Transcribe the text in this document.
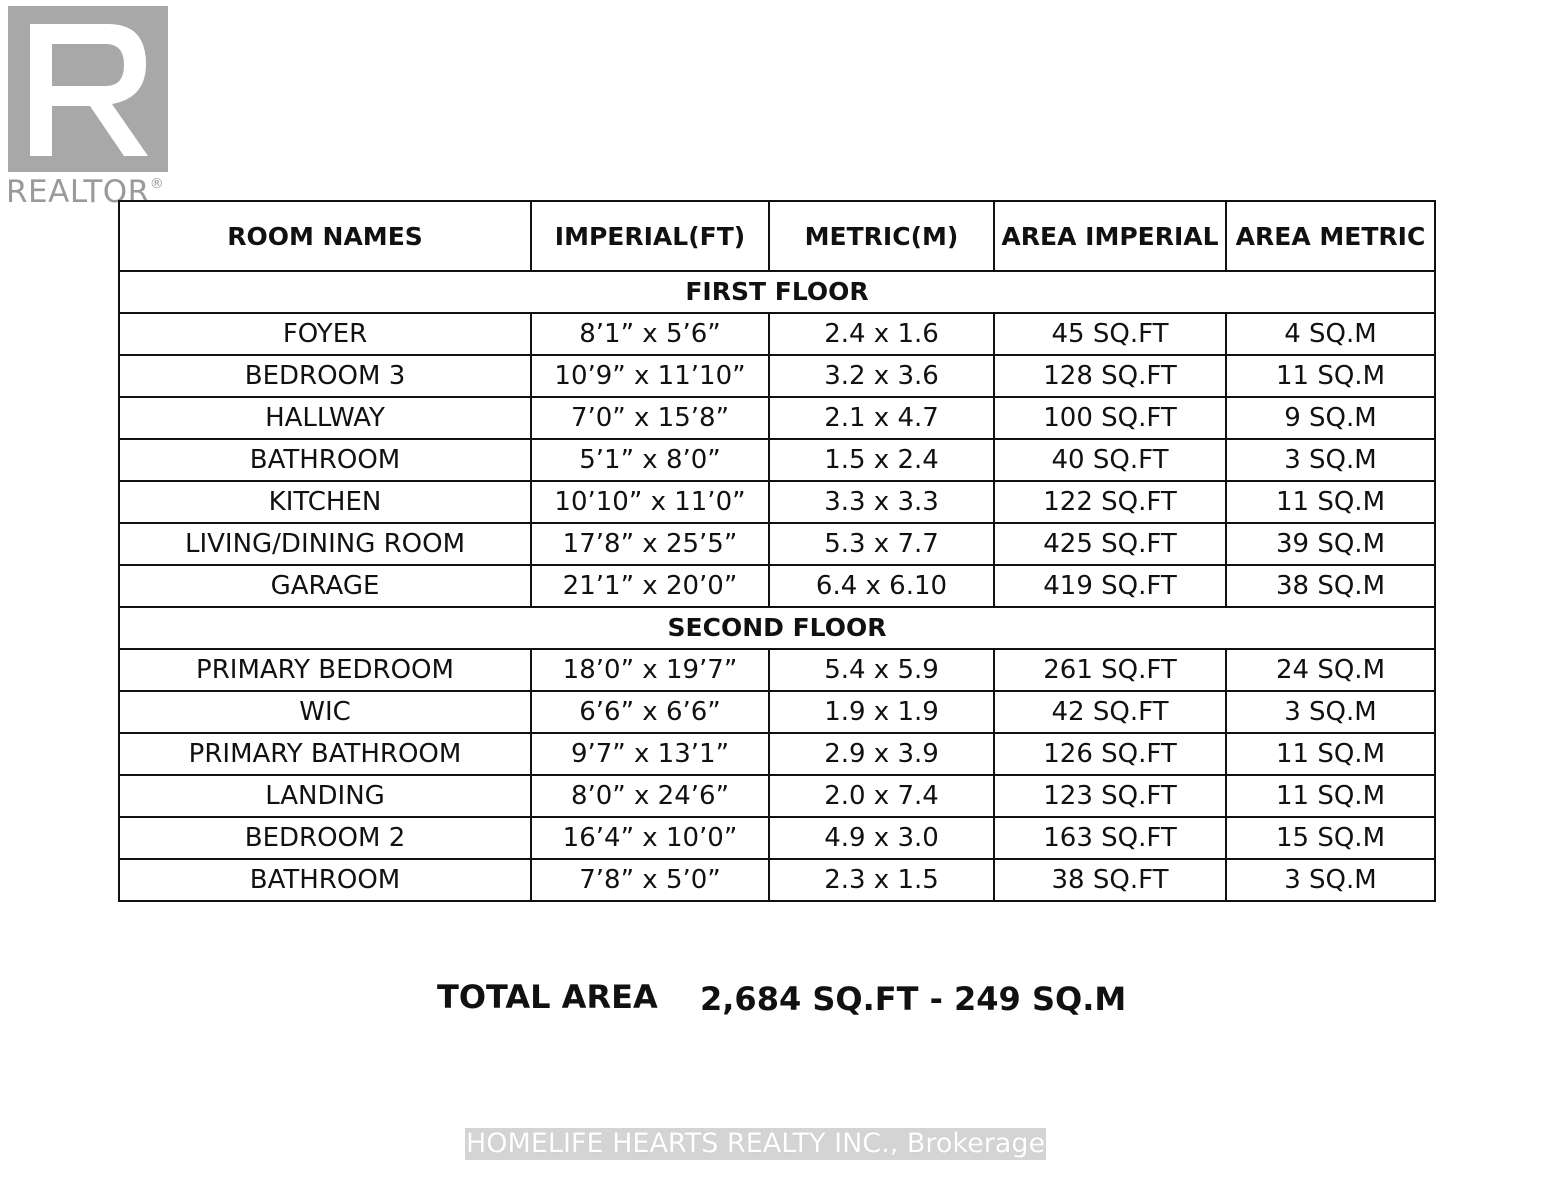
REALTOR®
ROOM NAMES	IMPERIAL(FT)	METRIC(M)	AREA IMPERIAL	AREA METRIC
FIRST FLOOR				
FOYER	8’1” x 5’6”	2.4 x 1.6	45 SQ.FT	4 SQ.M
BEDROOM 3	10’9” x 11’10”	3.2 x 3.6	128 SQ.FT	11 SQ.M
HALLWAY	7’0” x 15’8”	2.1 x 4.7	100 SQ.FT	9 SQ.M
BATHROOM	5’1” x 8’0”	1.5 x 2.4	40 SQ.FT	3 SQ.M
KITCHEN	10’10” x 11’0”	3.3 x 3.3	122 SQ.FT	11 SQ.M
LIVING/DINING ROOM	17’8” x 25’5”	5.3 x 7.7	425 SQ.FT	39 SQ.M
GARAGE	21’1” x 20’0”	6.4 x 6.10	419 SQ.FT	38 SQ.M
SECOND FLOOR				
PRIMARY BEDROOM	18’0” x 19’7”	5.4 x 5.9	261 SQ.FT	24 SQ.M
WIC	6’6” x 6’6”	1.9 x 1.9	42 SQ.FT	3 SQ.M
PRIMARY BATHROOM	9’7” x 13’1”	2.9 x 3.9	126 SQ.FT	11 SQ.M
LANDING	8’0” x 24’6”	2.0 x 7.4	123 SQ.FT	11 SQ.M
BEDROOM 2	16’4” x 10’0”	4.9 x 3.0	163 SQ.FT	15 SQ.M
BATHROOM	7’8” x 5’0”	2.3 x 1.5	38 SQ.FT	3 SQ.M
TOTAL AREA 2,684 SQ.FT - 249 SQ.M
HOMELIFE HEARTS REALTY INC., Brokerage
